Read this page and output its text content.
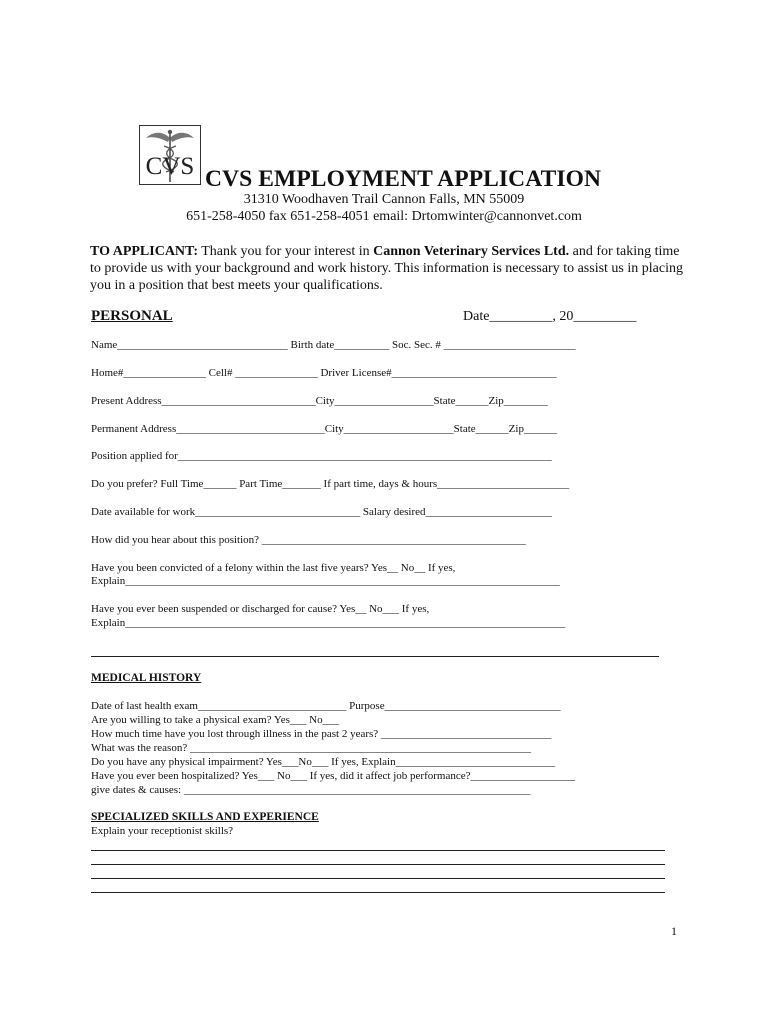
CVS CVS EMPLOYMENT APPLICATION
31310 Woodhaven Trail Cannon Falls, MN 55009
651-258-4050 fax 651-258-4051 email: Drtomwinter@cannonvet.com

TO APPLICANT: Thank you for your interest in Cannon Veterinary Services Ltd. and for taking time to provide us with your background and work history. This information is necessary to assist us in placing you in a position that best meets your qualifications.

PERSONAL	Date_________, 20_________
Name_______________________________ Birth date__________ Soc. Sec. # ________________________
Home#_______________ Cell# _______________ Driver License#______________________________
Present Address____________________________City__________________State______Zip________
Permanent Address___________________________City____________________State______Zip______
Position applied for____________________________________________________________________
Do you prefer? Full Time______ Part Time_______ If part time, days & hours________________________
Date available for work______________________________ Salary desired_______________________
How did you hear about this position? ________________________________________________
Have you been convicted of a felony within the last five years? Yes__ No__ If yes,
Explain_______________________________________________________________________________
Have you ever been suspended or discharged for cause? Yes__ No___ If yes,
Explain________________________________________________________________________________
MEDICAL HISTORY
Date of last health exam___________________________ Purpose________________________________
Are you willing to take a physical exam? Yes___ No___
How much time have you lost through illness in the past 2 years? _______________________________
What was the reason? ______________________________________________________________
Do you have any physical impairment? Yes___No___ If yes, Explain_____________________________
Have you ever been hospitalized? Yes___ No___ If yes, did it affect job performance?___________________
give dates & causes: _______________________________________________________________
SPECIALIZED SKILLS AND EXPERIENCE
Explain your receptionist skills?
1
